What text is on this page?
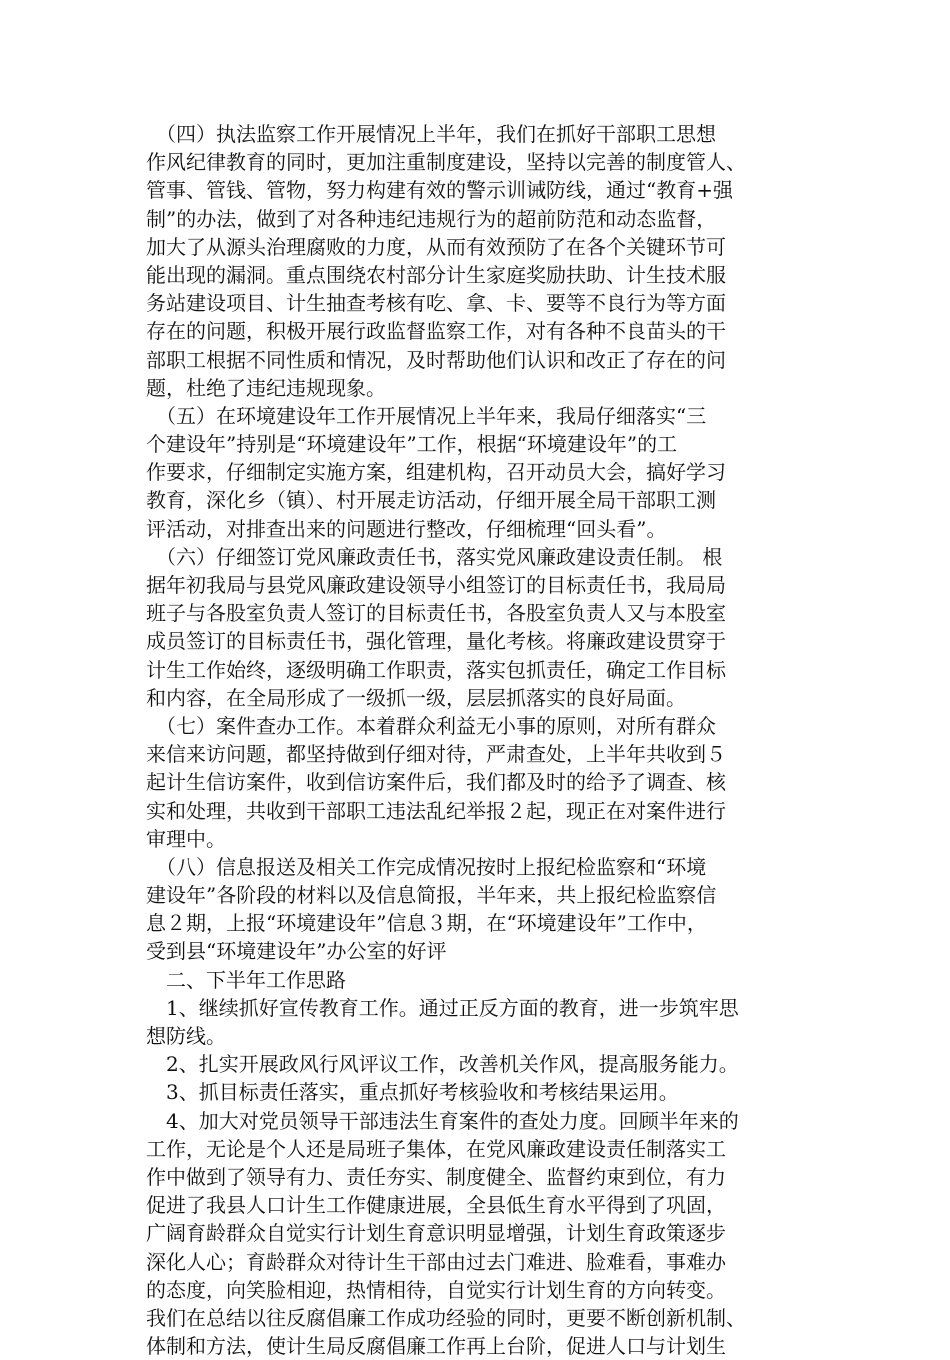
　（四）执法监察工作开展情况上半年，我们在抓好干部职工思想
作风纪律教育的同时，更加注重制度建设，坚持以完善的制度管人、
管事、管钱、管物，努力构建有效的警示训诫防线，通过“教育+强
制”的办法，做到了对各种违纪违规行为的超前防范和动态监督，
加大了从源头治理腐败的力度，从而有效预防了在各个关键环节可
能出现的漏洞。重点围绕农村部分计生家庭奖励扶助、计生技术服
务站建设项目、计生抽查考核有吃、拿、卡、要等不良行为等方面
存在的问题，积极开展行政监督监察工作，对有各种不良苗头的干
部职工根据不同性质和情况，及时帮助他们认识和改正了存在的问
题，杜绝了违纪违规现象。
　（五）在环境建设年工作开展情况上半年来，我局仔细落实“三
个建设年”持别是“环境建设年”工作，根据“环境建设年”的工
作要求，仔细制定实施方案，组建机构，召开动员大会，搞好学习
教育，深化乡（镇）、村开展走访活动，仔细开展全局干部职工测
评活动，对排查出来的问题进行整改，仔细梳理“回头看”。
　（六）仔细签订党风廉政责任书，落实党风廉政建设责任制。 根
据年初我局与县党风廉政建设领导小组签订的目标责任书，我局局
班子与各股室负责人签订的目标责任书，各股室负责人又与本股室
成员签订的目标责任书，强化管理，量化考核。将廉政建设贯穿于
计生工作始终，逐级明确工作职责，落实包抓责任，确定工作目标
和内容，在全局形成了一级抓一级，层层抓落实的良好局面。
　（七）案件查办工作。本着群众利益无小事的原则，对所有群众
来信来访问题，都坚持做到仔细对待，严肃查处，上半年共收到５
起计生信访案件，收到信访案件后，我们都及时的给予了调查、核
实和处理，共收到干部职工违法乱纪举报２起，现正在对案件进行
审理中。
　（八）信息报送及相关工作完成情况按时上报纪检监察和“环境
建设年”各阶段的材料以及信息简报，半年来，共上报纪检监察信
息２期，上报“环境建设年”信息３期，在“环境建设年”工作中，
受到县“环境建设年”办公室的好评
　二、下半年工作思路
　1、继续抓好宣传教育工作。通过正反方面的教育，进一步筑牢思
想防线。
　2、扎实开展政风行风评议工作，改善机关作风，提高服务能力。
　3、抓目标责任落实，重点抓好考核验收和考核结果运用。
　4、加大对党员领导干部违法生育案件的查处力度。回顾半年来的
工作，无论是个人还是局班子集体，在党风廉政建设责任制落实工
作中做到了领导有力、责任夯实、制度健全、监督约束到位，有力
促进了我县人口计生工作健康进展，全县低生育水平得到了巩固，
广阔育龄群众自觉实行计划生育意识明显增强，计划生育政策逐步
深化人心；育龄群众对待计生干部由过去门难进、脸难看，事难办
的态度，向笑脸相迎，热情相待，自觉实行计划生育的方向转变。
我们在总结以往反腐倡廉工作成功经验的同时，更要不断创新机制、
体制和方法，使计生局反腐倡廉工作再上台阶，促进人口与计划生
